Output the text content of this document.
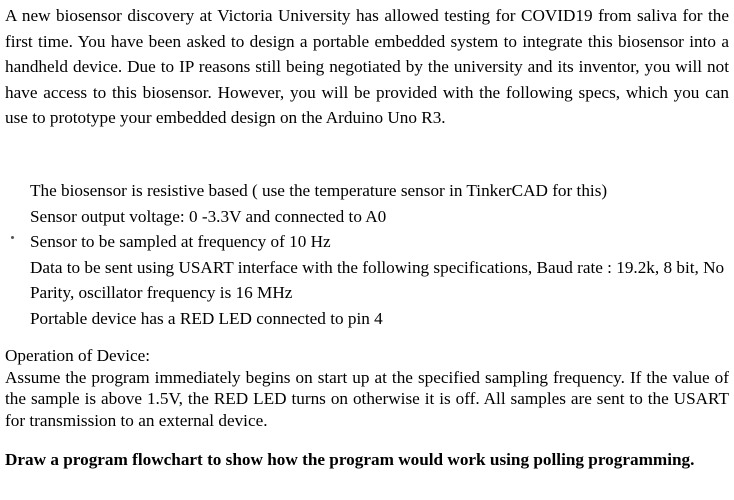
A new biosensor discovery at Victoria University has allowed testing for COVID19 from saliva for the first time. You have been asked to design a portable embedded system to integrate this biosensor into a handheld device. Due to IP reasons still being negotiated by the university and its inventor, you will not have access to this biosensor. However, you will be provided with the following specs, which you can use to prototype your embedded design on the Arduino Uno R3.

The biosensor is resistive based ( use the temperature sensor in TinkerCAD for this)
Sensor output voltage: 0 -3.3V and connected to A0
Sensor to be sampled at frequency of 10 Hz
Data to be sent using USART interface with the following specifications, Baud rate : 19.2k, 8 bit, No Parity, oscillator frequency is 16 MHz
Portable device has a RED LED connected to pin 4

Operation of Device:

Assume the program immediately begins on start up at the specified sampling frequency. If the value of the sample is above 1.5V, the RED LED turns on otherwise it is off. All samples are sent to the USART for transmission to an external device.

Draw a program flowchart to show how the program would work using polling programming.
